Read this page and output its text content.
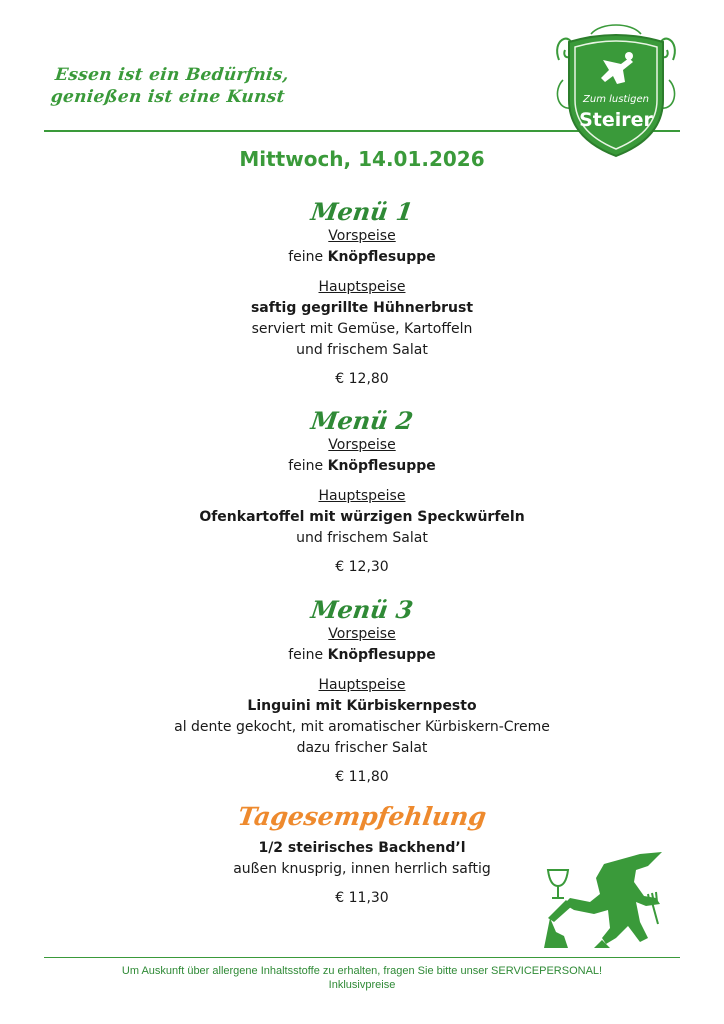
Essen ist ein Bedürfnis,
genießen ist eine Kunst	Zum lustigen
Steirer
Mittwoch, 14.01.2026
Menü 1
Vorspeise
feine Knöpflesuppe
Hauptspeise
saftig gegrillte Hühnerbrust
serviert mit Gemüse, Kartoffeln
und frischem Salat
€ 12,80
Menü 2
Vorspeise
feine Knöpflesuppe
Hauptspeise
Ofenkartoffel mit würzigen Speckwürfeln
und frischem Salat
€ 12,30
Menü 3
Vorspeise
feine Knöpflesuppe
Hauptspeise
Linguini mit Kürbiskernpesto
al dente gekocht, mit aromatischer Kürbiskern-Creme
dazu frischer Salat
€ 11,80
Tagesempfehlung
1/2 steirisches Backhend’l
außen knusprig, innen herrlich saftig
€ 11,30
Um Auskunft über allergene Inhaltsstoffe zu erhalten, fragen Sie bitte unser SERVICEPERSONAL!
Inklusivpreise
